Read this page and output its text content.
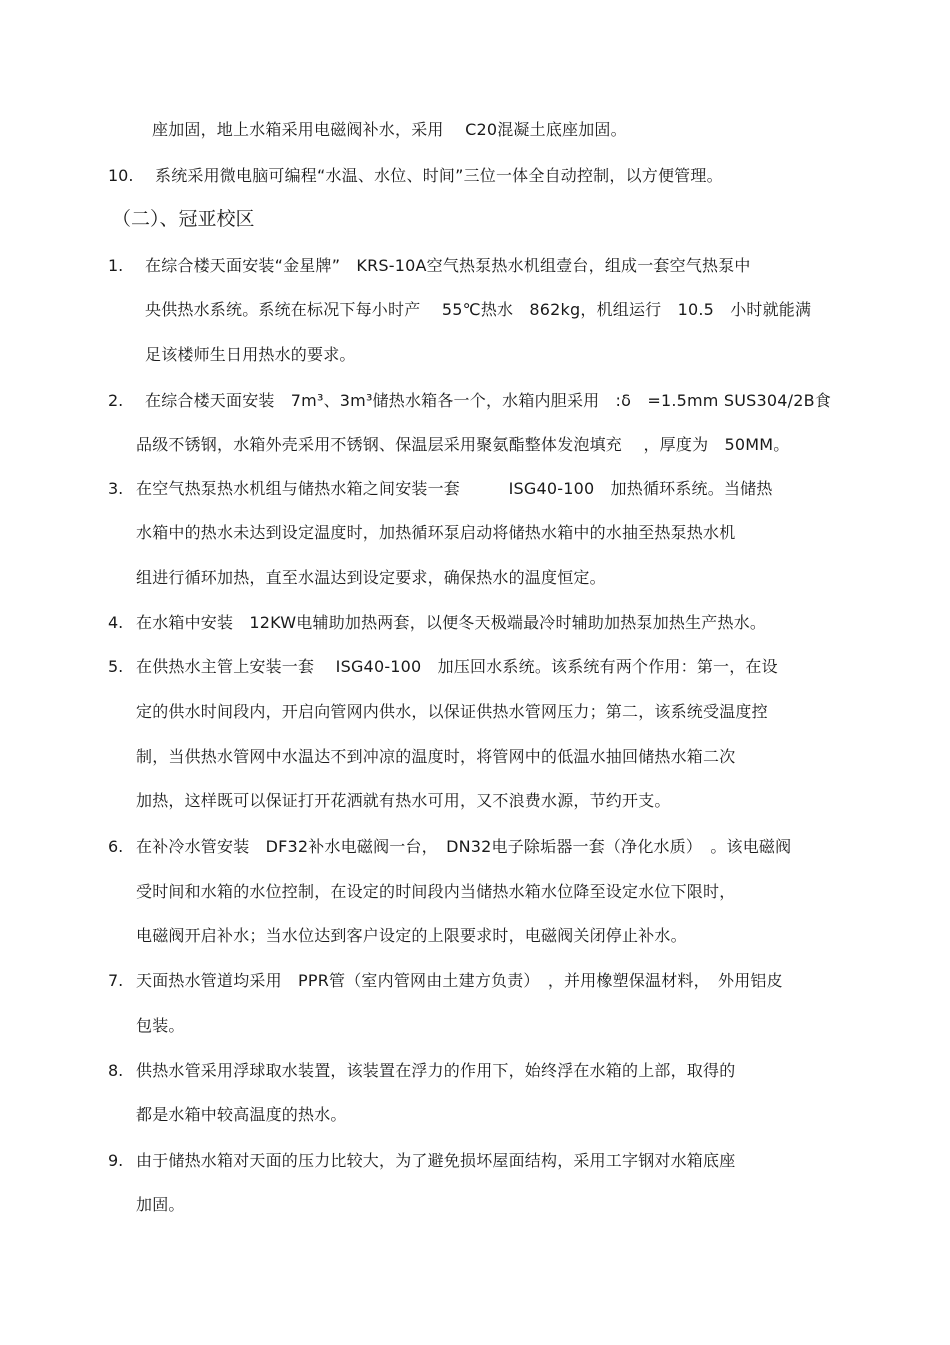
座加固，地上水箱采用电磁阀补水，采用　 C20混凝土底座加固。
10. 系统采用微电脑可编程“水温、水位、时间”三位一体全自动控制，以方便管理。
（二）、冠亚校区
1. 在综合楼天面安装“金星牌”　KRS-10A空气热泵热水机组壹台，组成一套空气热泵中
央供热水系统。系统在标况下每小时产　 55℃热水　862kg，机组运行　10.5　小时就能满
足该楼师生日用热水的要求。
2. 在综合楼天面安装　7m³、3m³储热水箱各一个，水箱内胆采用　:δ　=1.5mm SUS304/2B食
品级不锈钢，水箱外壳采用不锈钢、保温层采用聚氨酯整体发泡填充　 ，厚度为　50MM。
3. 在空气热泵热水机组与储热水箱之间安装一套　　　ISG40-100　加热循环系统。当储热
水箱中的热水未达到设定温度时，加热循环泵启动将储热水箱中的水抽至热泵热水机
组进行循环加热，直至水温达到设定要求，确保热水的温度恒定。
4. 在水箱中安装　12KW电辅助加热两套，以便冬天极端最冷时辅助加热泵加热生产热水。
5. 在供热水主管上安装一套　 ISG40-100　加压回水系统。该系统有两个作用：第一，在设
定的供水时间段内，开启向管网内供水，以保证供热水管网压力；第二，该系统受温度控
制，当供热水管网中水温达不到冲凉的温度时，将管网中的低温水抽回储热水箱二次
加热，这样既可以保证打开花洒就有热水可用，又不浪费水源，节约开支。
6. 在补冷水管安装　DF32补水电磁阀一台，　DN32电子除垢器一套（净化水质）　。该电磁阀
受时间和水箱的水位控制，在设定的时间段内当储热水箱水位降至设定水位下限时，
电磁阀开启补水；当水位达到客户设定的上限要求时，电磁阀关闭停止补水。
7. 天面热水管道均采用　PPR管（室内管网由土建方负责）　，并用橡塑保温材料，　外用铝皮
包装。
8. 供热水管采用浮球取水装置，该装置在浮力的作用下，始终浮在水箱的上部，取得的
都是水箱中较高温度的热水。
9. 由于储热水箱对天面的压力比较大，为了避免损坏屋面结构，采用工字钢对水箱底座
加固。
